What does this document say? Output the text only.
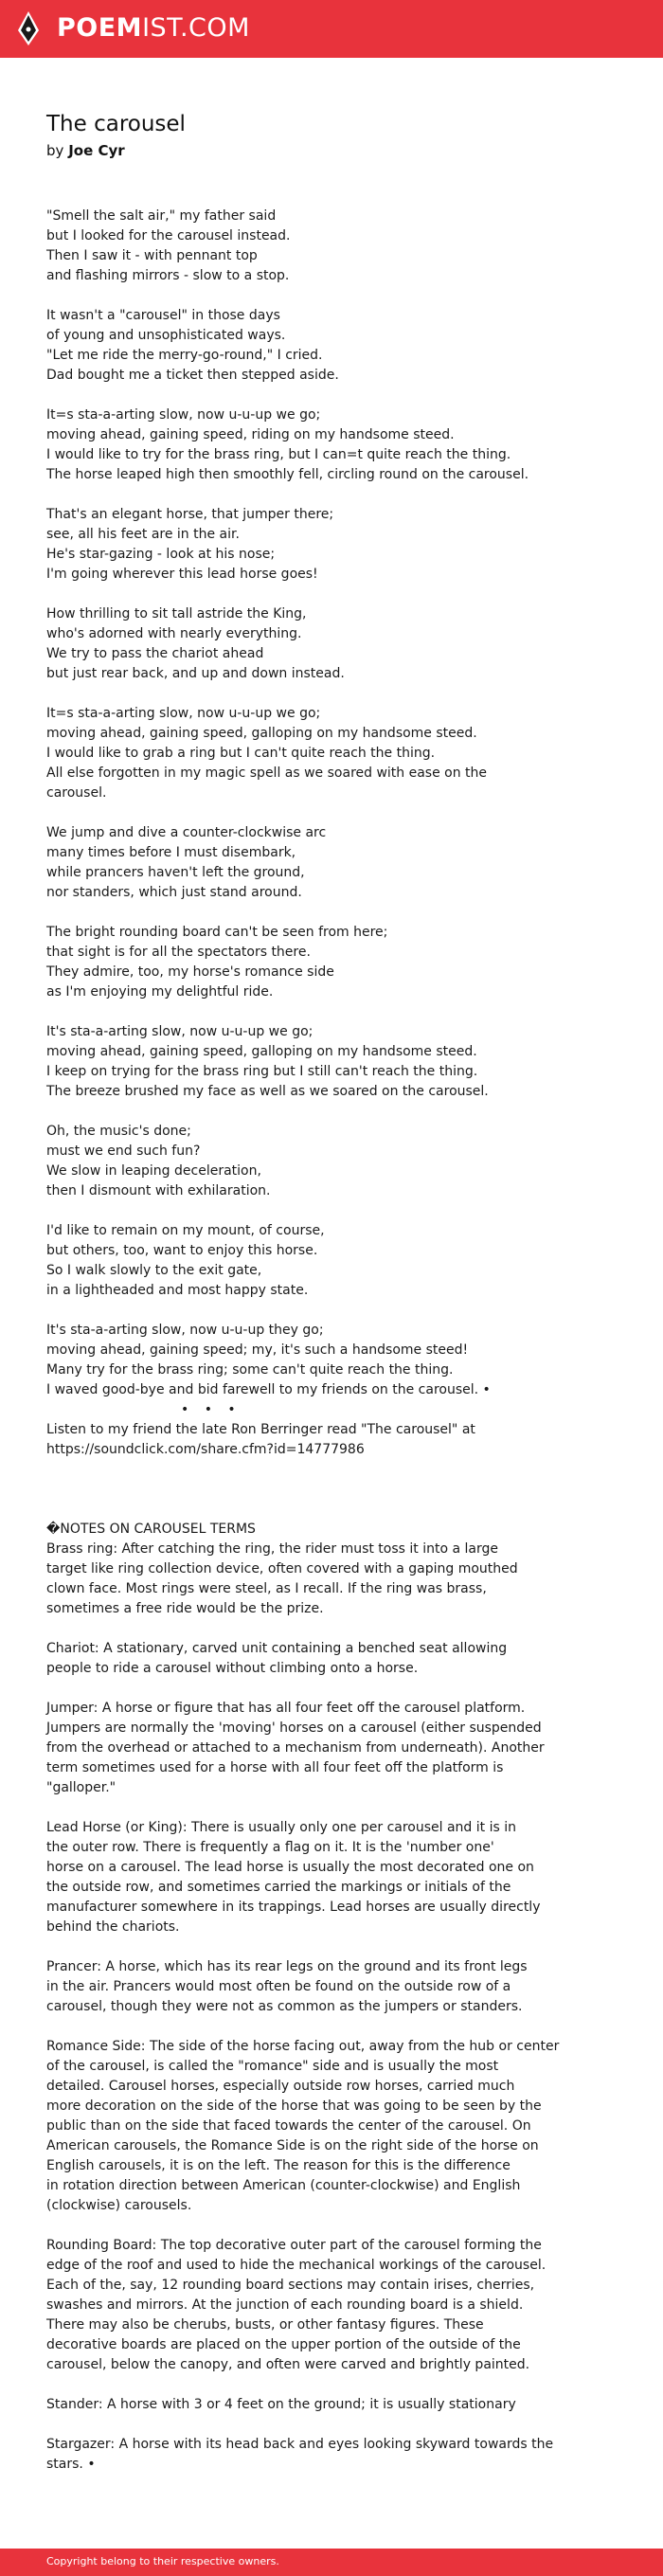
POEMIST.COM
The carousel
by Joe Cyr
"Smell the salt air," my father said
but I looked for the carousel instead.
Then I saw it - with pennant top
and flashing mirrors - slow to a stop.
It wasn't a "carousel" in those days
of young and unsophisticated ways.
"Let me ride the merry-go-round," I cried.
Dad bought me a ticket then stepped aside.
It=s sta-a-arting slow, now u-u-up we go;
moving ahead, gaining speed, riding on my handsome steed.
I would like to try for the brass ring, but I can=t quite reach the thing.
The horse leaped high then smoothly fell, circling round on the carousel.
That's an elegant horse, that jumper there;
see, all his feet are in the air.
He's star-gazing - look at his nose;
I'm going wherever this lead horse goes!
How thrilling to sit tall astride the King,
who's adorned with nearly everything.
We try to pass the chariot ahead
but just rear back, and up and down instead.
It=s sta-a-arting slow, now u-u-up we go;
moving ahead, gaining speed, galloping on my handsome steed.
I would like to grab a ring but I can't quite reach the thing.
All else forgotten in my magic spell as we soared with ease on the
carousel.
We jump and dive a counter-clockwise arc
many times before I must disembark,
while prancers haven't left the ground,
nor standers, which just stand around.
The bright rounding board can't be seen from here;
that sight is for all the spectators there.
They admire, too, my horse's romance side
as I'm enjoying my delightful ride.
It's sta-a-arting slow, now u-u-up we go;
moving ahead, gaining speed, galloping on my handsome steed.
I keep on trying for the brass ring but I still can't reach the thing.
The breeze brushed my face as well as we soared on the carousel.
Oh, the music's done;
must we end such fun?
We slow in leaping deceleration,
then I dismount with exhilaration.
I'd like to remain on my mount, of course,
but others, too, want to enjoy this horse.
So I walk slowly to the exit gate,
in a lightheaded and most happy state.
It's sta-a-arting slow, now u-u-up they go;
moving ahead, gaining speed; my, it's such a handsome steed!
Many try for the brass ring; some can't quite reach the thing.
I waved good-bye and bid farewell to my friends on the carousel. •
• • •
Listen to my friend the late Ron Berringer read "The carousel" at
https://soundclick.com/share.cfm?id=14777986
�NOTES ON CAROUSEL TERMS
Brass ring: After catching the ring, the rider must toss it into a large
target like ring collection device, often covered with a gaping mouthed
clown face. Most rings were steel, as I recall. If the ring was brass,
sometimes a free ride would be the prize.
Chariot: A stationary, carved unit containing a benched seat allowing
people to ride a carousel without climbing onto a horse.
Jumper: A horse or figure that has all four feet off the carousel platform.
Jumpers are normally the 'moving' horses on a carousel (either suspended
from the overhead or attached to a mechanism from underneath). Another
term sometimes used for a horse with all four feet off the platform is
"galloper."
Lead Horse (or King): There is usually only one per carousel and it is in
the outer row. There is frequently a flag on it. It is the 'number one'
horse on a carousel. The lead horse is usually the most decorated one on
the outside row, and sometimes carried the markings or initials of the
manufacturer somewhere in its trappings. Lead horses are usually directly
behind the chariots.
Prancer: A horse, which has its rear legs on the ground and its front legs
in the air. Prancers would most often be found on the outside row of a
carousel, though they were not as common as the jumpers or standers.
Romance Side: The side of the horse facing out, away from the hub or center
of the carousel, is called the "romance" side and is usually the most
detailed. Carousel horses, especially outside row horses, carried much
more decoration on the side of the horse that was going to be seen by the
public than on the side that faced towards the center of the carousel. On
American carousels, the Romance Side is on the right side of the horse on
English carousels, it is on the left. The reason for this is the difference
in rotation direction between American (counter-clockwise) and English
(clockwise) carousels.
Rounding Board: The top decorative outer part of the carousel forming the
edge of the roof and used to hide the mechanical workings of the carousel.
Each of the, say, 12 rounding board sections may contain irises, cherries,
swashes and mirrors. At the junction of each rounding board is a shield.
There may also be cherubs, busts, or other fantasy figures. These
decorative boards are placed on the upper portion of the outside of the
carousel, below the canopy, and often were carved and brightly painted.
Stander: A horse with 3 or 4 feet on the ground; it is usually stationary
Stargazer: A horse with its head back and eyes looking skyward towards the
stars. •
Copyright belong to their respective owners.
